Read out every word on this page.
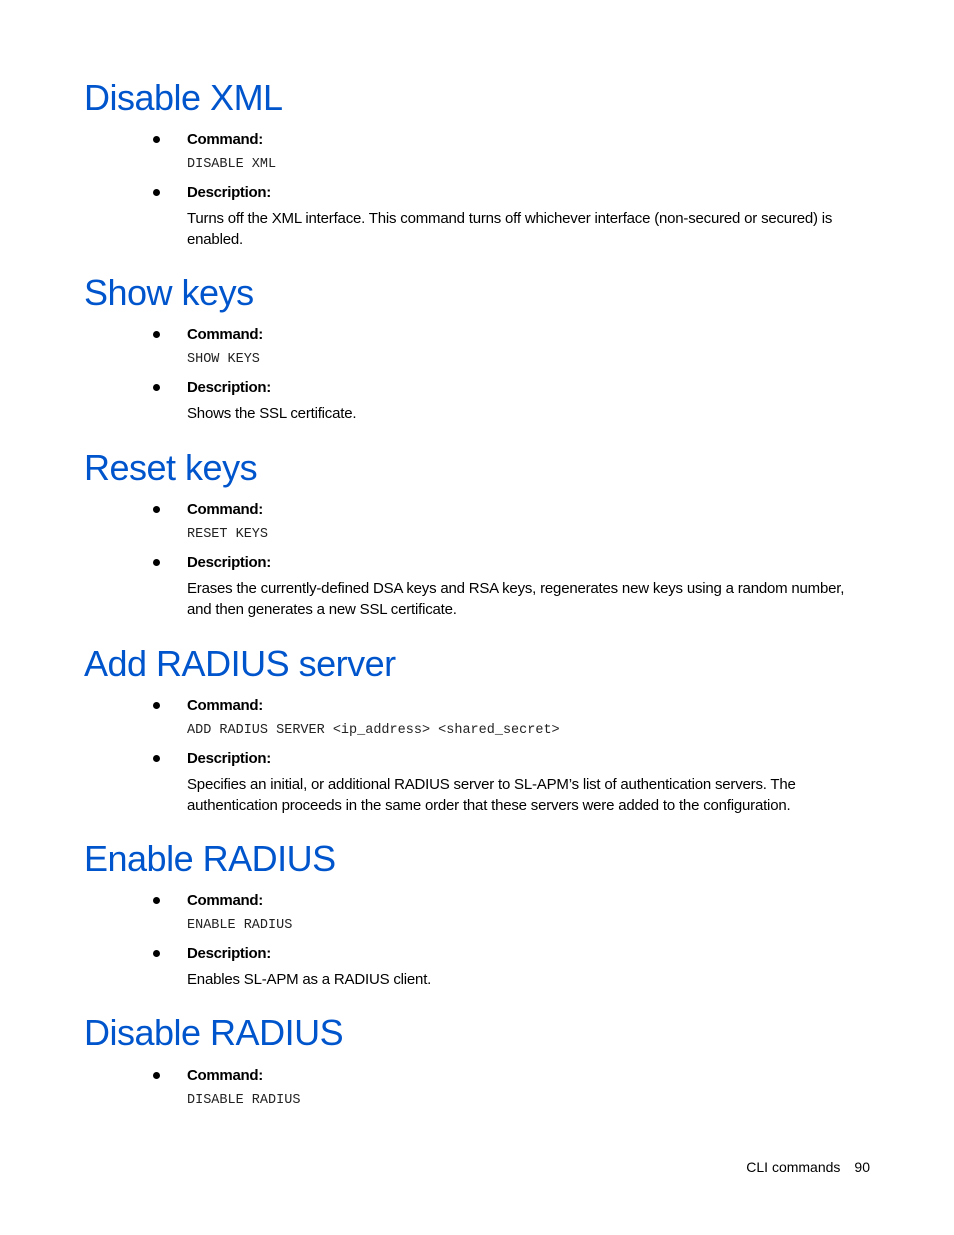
Disable XML
Command:
DISABLE XML
Description:
Turns off the XML interface. This command turns off whichever interface (non-secured or secured) is enabled.
Show keys
Command:
SHOW KEYS
Description:
Shows the SSL certificate.
Reset keys
Command:
RESET KEYS
Description:
Erases the currently-defined DSA keys and RSA keys, regenerates new keys using a random number, and then generates a new SSL certificate.
Add RADIUS server
Command:
ADD RADIUS SERVER <ip_address> <shared_secret>
Description:
Specifies an initial, or additional RADIUS server to SL-APM’s list of authentication servers. The authentication proceeds in the same order that these servers were added to the configuration.
Enable RADIUS
Command:
ENABLE RADIUS
Description:
Enables SL-APM as a RADIUS client.
Disable RADIUS
Command:
DISABLE RADIUS
CLI commands 90
